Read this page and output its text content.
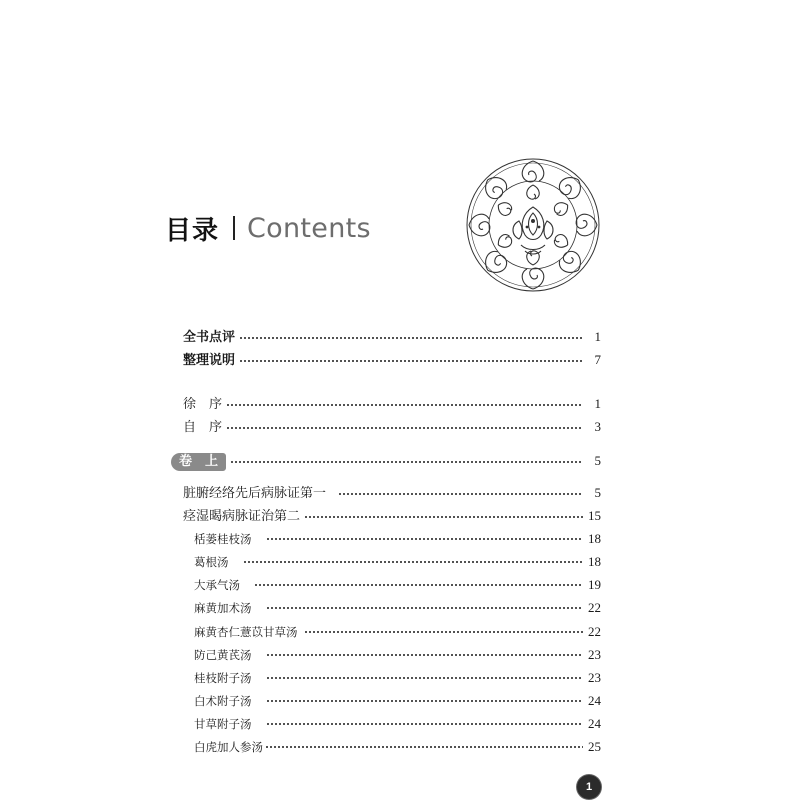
目录 Contents
全书点评	1
整理说明	7
徐　序	1
自　序	3
卷　上	5
脏腑经络先后病脉证第一	5
痉湿暍病脉证治第二	15
栝蒌桂枝汤	18
葛根汤	18
大承气汤	19
麻黄加术汤	22
麻黄杏仁薏苡甘草汤	22
防己黄芪汤	23
桂枝附子汤	23
白术附子汤	24
甘草附子汤	24
白虎加人参汤	25
1
